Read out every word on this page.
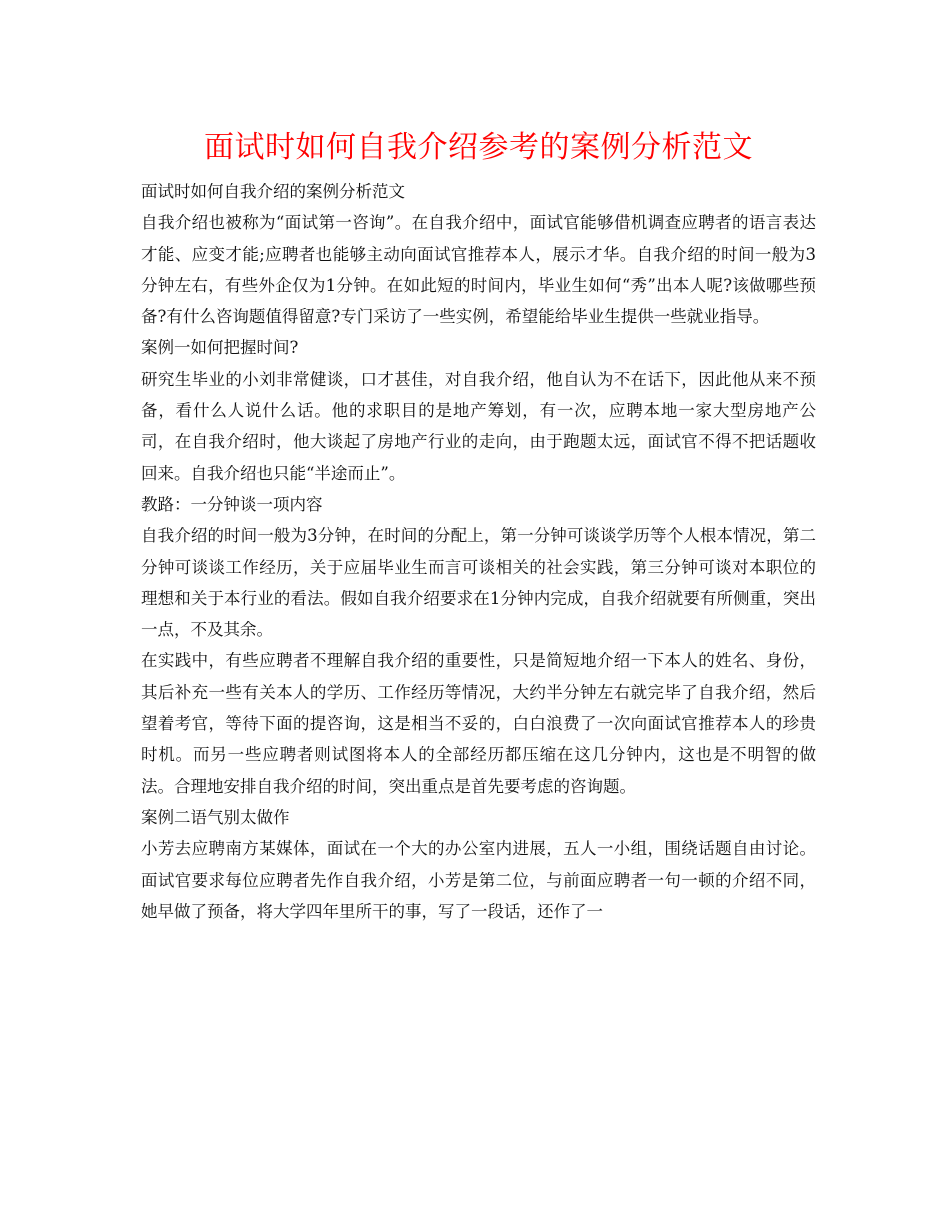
面试时如何自我介绍参考的案例分析范文

面试时如何自我介绍的案例分析范文

自我介绍也被称为“面试第一咨询”。在自我介绍中，面试官能够借机调查应聘者的语言表达才能、应变才能;应聘者也能够主动向面试官推荐本人，展示才华。自我介绍的时间一般为3分钟左右，有些外企仅为1分钟。在如此短的时间内，毕业生如何“秀”出本人呢?该做哪些预备?有什么咨询题值得留意?专门采访了一些实例，希望能给毕业生提供一些就业指导。

案例一如何把握时间?

研究生毕业的小刘非常健谈，口才甚佳，对自我介绍，他自认为不在话下，因此他从来不预备，看什么人说什么话。他的求职目的是地产筹划，有一次，应聘本地一家大型房地产公司，在自我介绍时，他大谈起了房地产行业的走向，由于跑题太远，面试官不得不把话题收回来。自我介绍也只能“半途而止”。

教路：一分钟谈一项内容

自我介绍的时间一般为3分钟，在时间的分配上，第一分钟可谈谈学历等个人根本情况，第二分钟可谈谈工作经历，关于应届毕业生而言可谈相关的社会实践，第三分钟可谈对本职位的理想和关于本行业的看法。假如自我介绍要求在1分钟内完成，自我介绍就要有所侧重，突出一点，不及其余。

在实践中，有些应聘者不理解自我介绍的重要性，只是简短地介绍一下本人的姓名、身份，其后补充一些有关本人的学历、工作经历等情况，大约半分钟左右就完毕了自我介绍，然后望着考官，等待下面的提咨询，这是相当不妥的，白白浪费了一次向面试官推荐本人的珍贵时机。而另一些应聘者则试图将本人的全部经历都压缩在这几分钟内，这也是不明智的做法。合理地安排自我介绍的时间，突出重点是首先要考虑的咨询题。

案例二语气别太做作

小芳去应聘南方某媒体，面试在一个大的办公室内进展，五人一小组，围绕话题自由讨论。面试官要求每位应聘者先作自我介绍，小芳是第二位，与前面应聘者一句一顿的介绍不同，她早做了预备，将大学四年里所干的事，写了一段话，还作了一
